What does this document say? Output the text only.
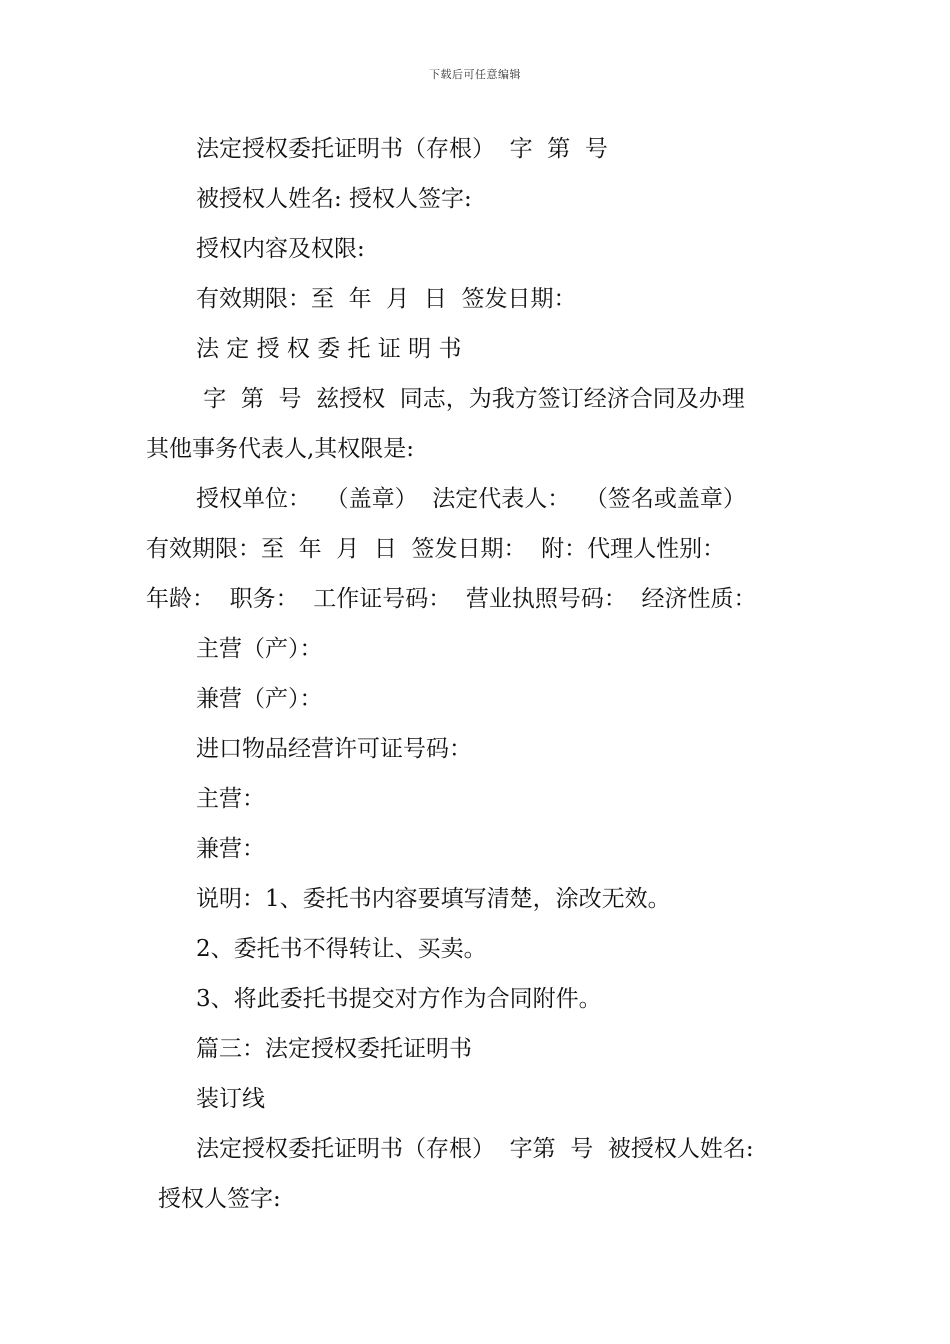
下载后可任意编辑
法定授权委托证明书（存根）  字  第  号
被授权人姓名: 授权人签字:
授权内容及权限:
有效期限：至  年  月  日  签发日期：
法 定 授 权 委 托 证 明 书
字  第  号  兹授权  同志，为我方签订经济合同及办理
其他事务代表人,其权限是:
授权单位：  （盖章）  法定代表人：  （签名或盖章）
有效期限：至  年  月  日  签发日期：  附：代理人性别：
年龄：  职务：  工作证号码：  营业执照号码：  经济性质：
主营（产）：
兼营（产）：
进口物品经营许可证号码：
主营：
兼营：
说明：1、委托书内容要填写清楚，涂改无效。
2、委托书不得转让、买卖。
3、将此委托书提交对方作为合同附件。
篇三：法定授权委托证明书
装订线
法定授权委托证明书（存根）  字第  号  被授权人姓名:
授权人签字:
